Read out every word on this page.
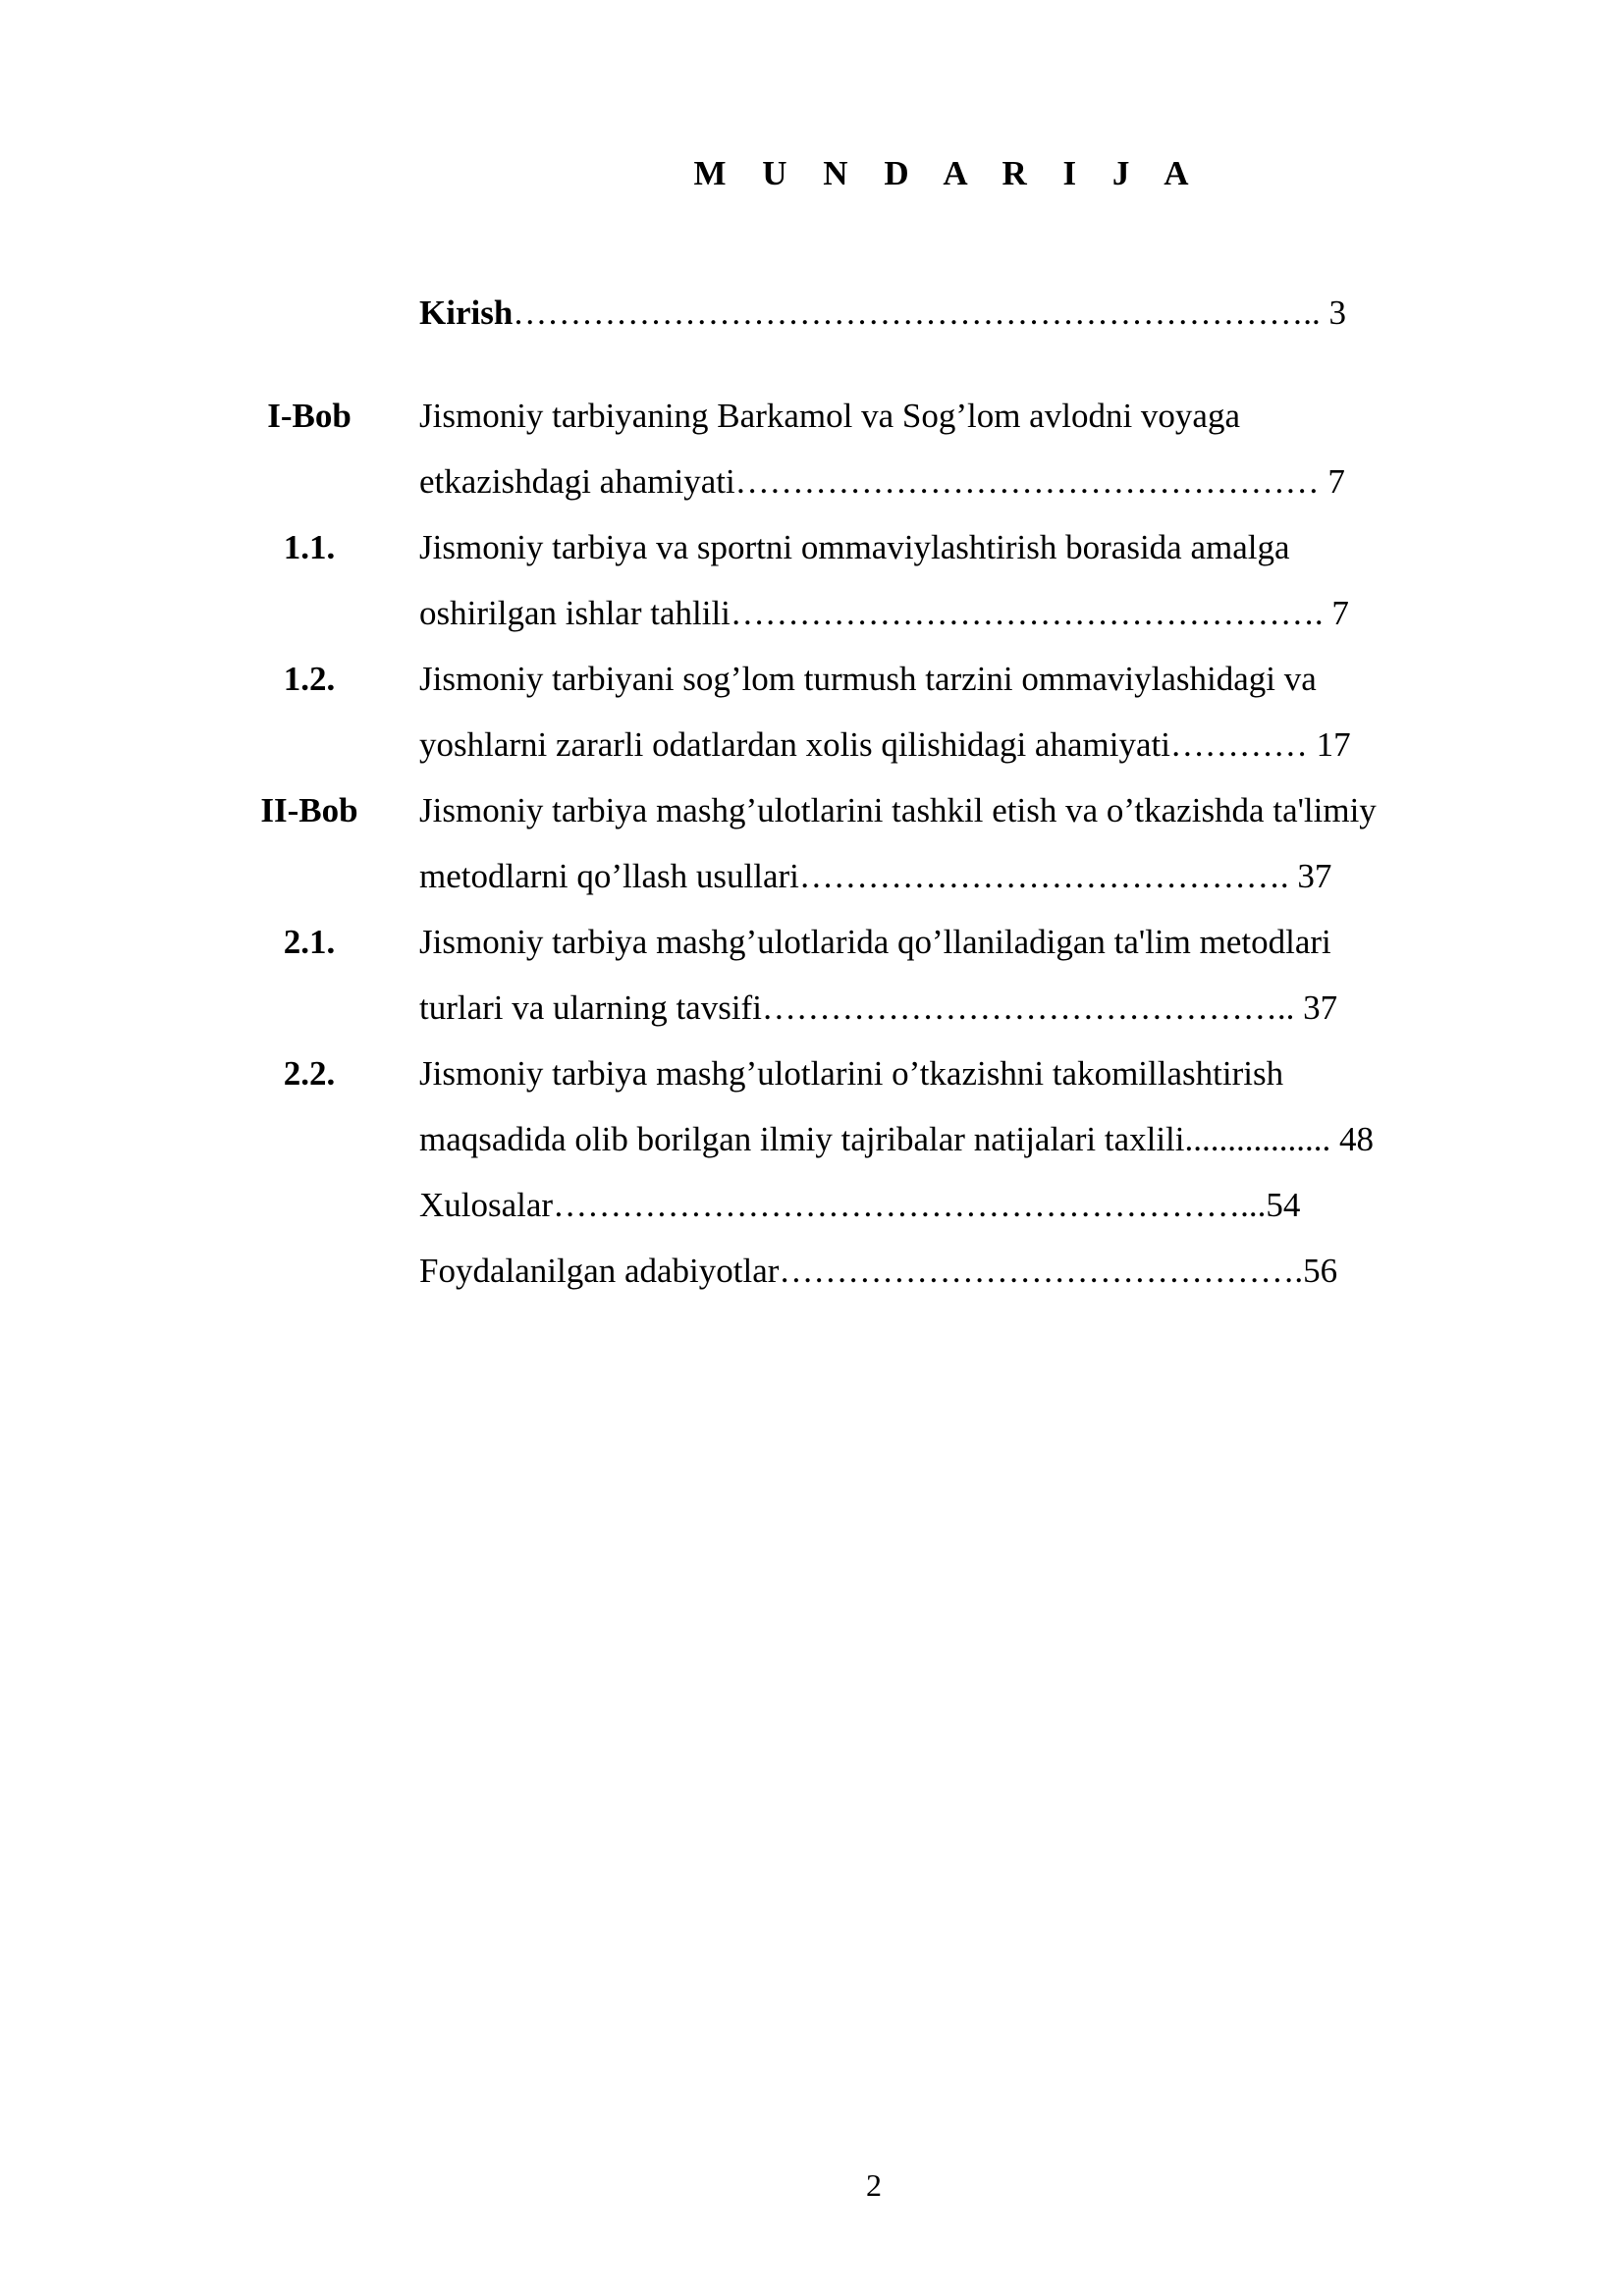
M U N D A R I J A
Kirish…………………………………………………………….. 3
I-Bob	Jismoniy tarbiyaning Barkamol va Sog’lom avlodni voyaga
etkazishdagi ahamiyati…………………………………………… 7
1.1.	Jismoniy tarbiya va sportni ommaviylashtirish borasida amalga
oshirilgan ishlar tahlili……………………………………………. 7
1.2.	Jismoniy tarbiyani sog’lom turmush tarzini ommaviylashidagi va
yoshlarni zararli odatlardan xolis qilishidagi ahamiyati………… 17
II-Bob	Jismoniy tarbiya mashg’ulotlarini tashkil etish va o’tkazishda ta'limiy
metodlarni qo’llash usullari……………………………………. 37
2.1.	Jismoniy tarbiya mashg’ulotlarida qo’llaniladigan ta'lim metodlari
turlari va ularning tavsifi……………………………………….. 37
2.2.	Jismoniy tarbiya mashg’ulotlarini o’tkazishni takomillashtirish
maqsadida olib borilgan ilmiy tajribalar natijalari taxlili................. 48
Xulosalar……………………………………………………...54
Foydalanilgan adabiyotlar……………………………………….56
2
